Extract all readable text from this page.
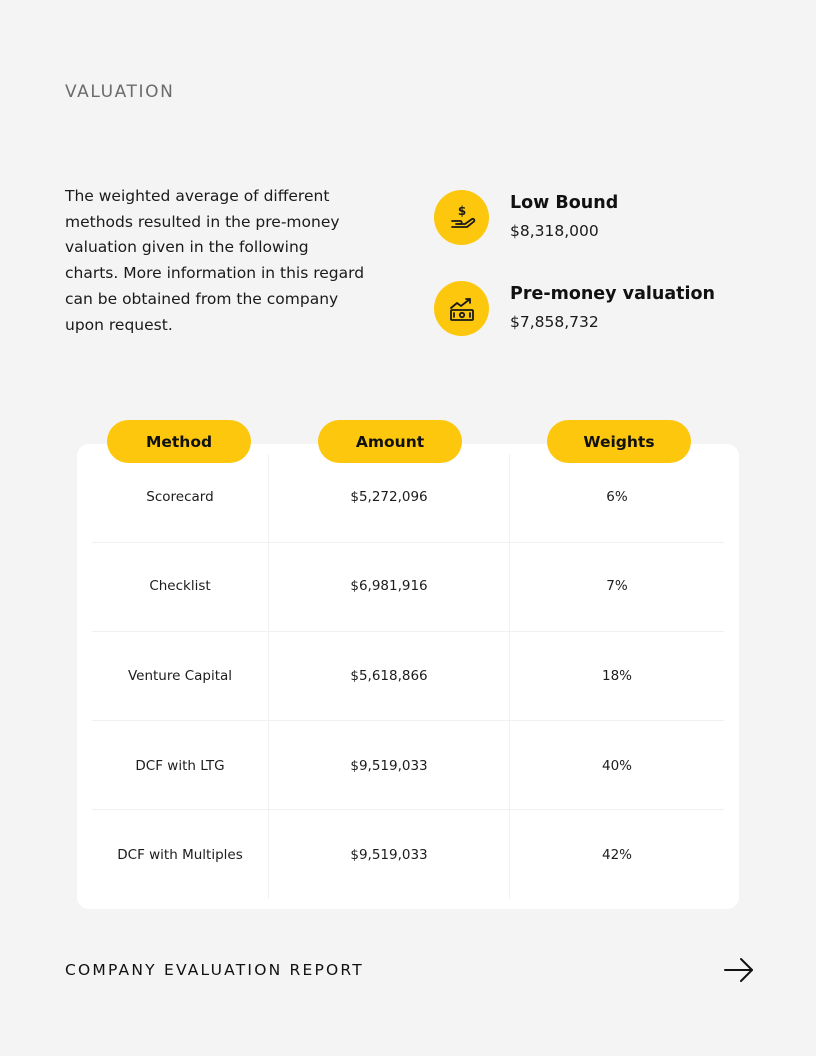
VALUATION

The weighted average of different methods resulted in the pre-money valuation given in the following charts. More information in this regard can be obtained from the company upon request.

$	Low Bound
$8,318,000
Pre-money valuation
$7,858,732
Method	Amount	Weights
Scorecard	$5,272,096	6%
Checklist	$6,981,916	7%
Venture Capital	$5,618,866	18%
DCF with LTG	$9,519,033	40%
DCF with Multiples	$9,519,033	42%
COMPANY EVALUATION REPORT
